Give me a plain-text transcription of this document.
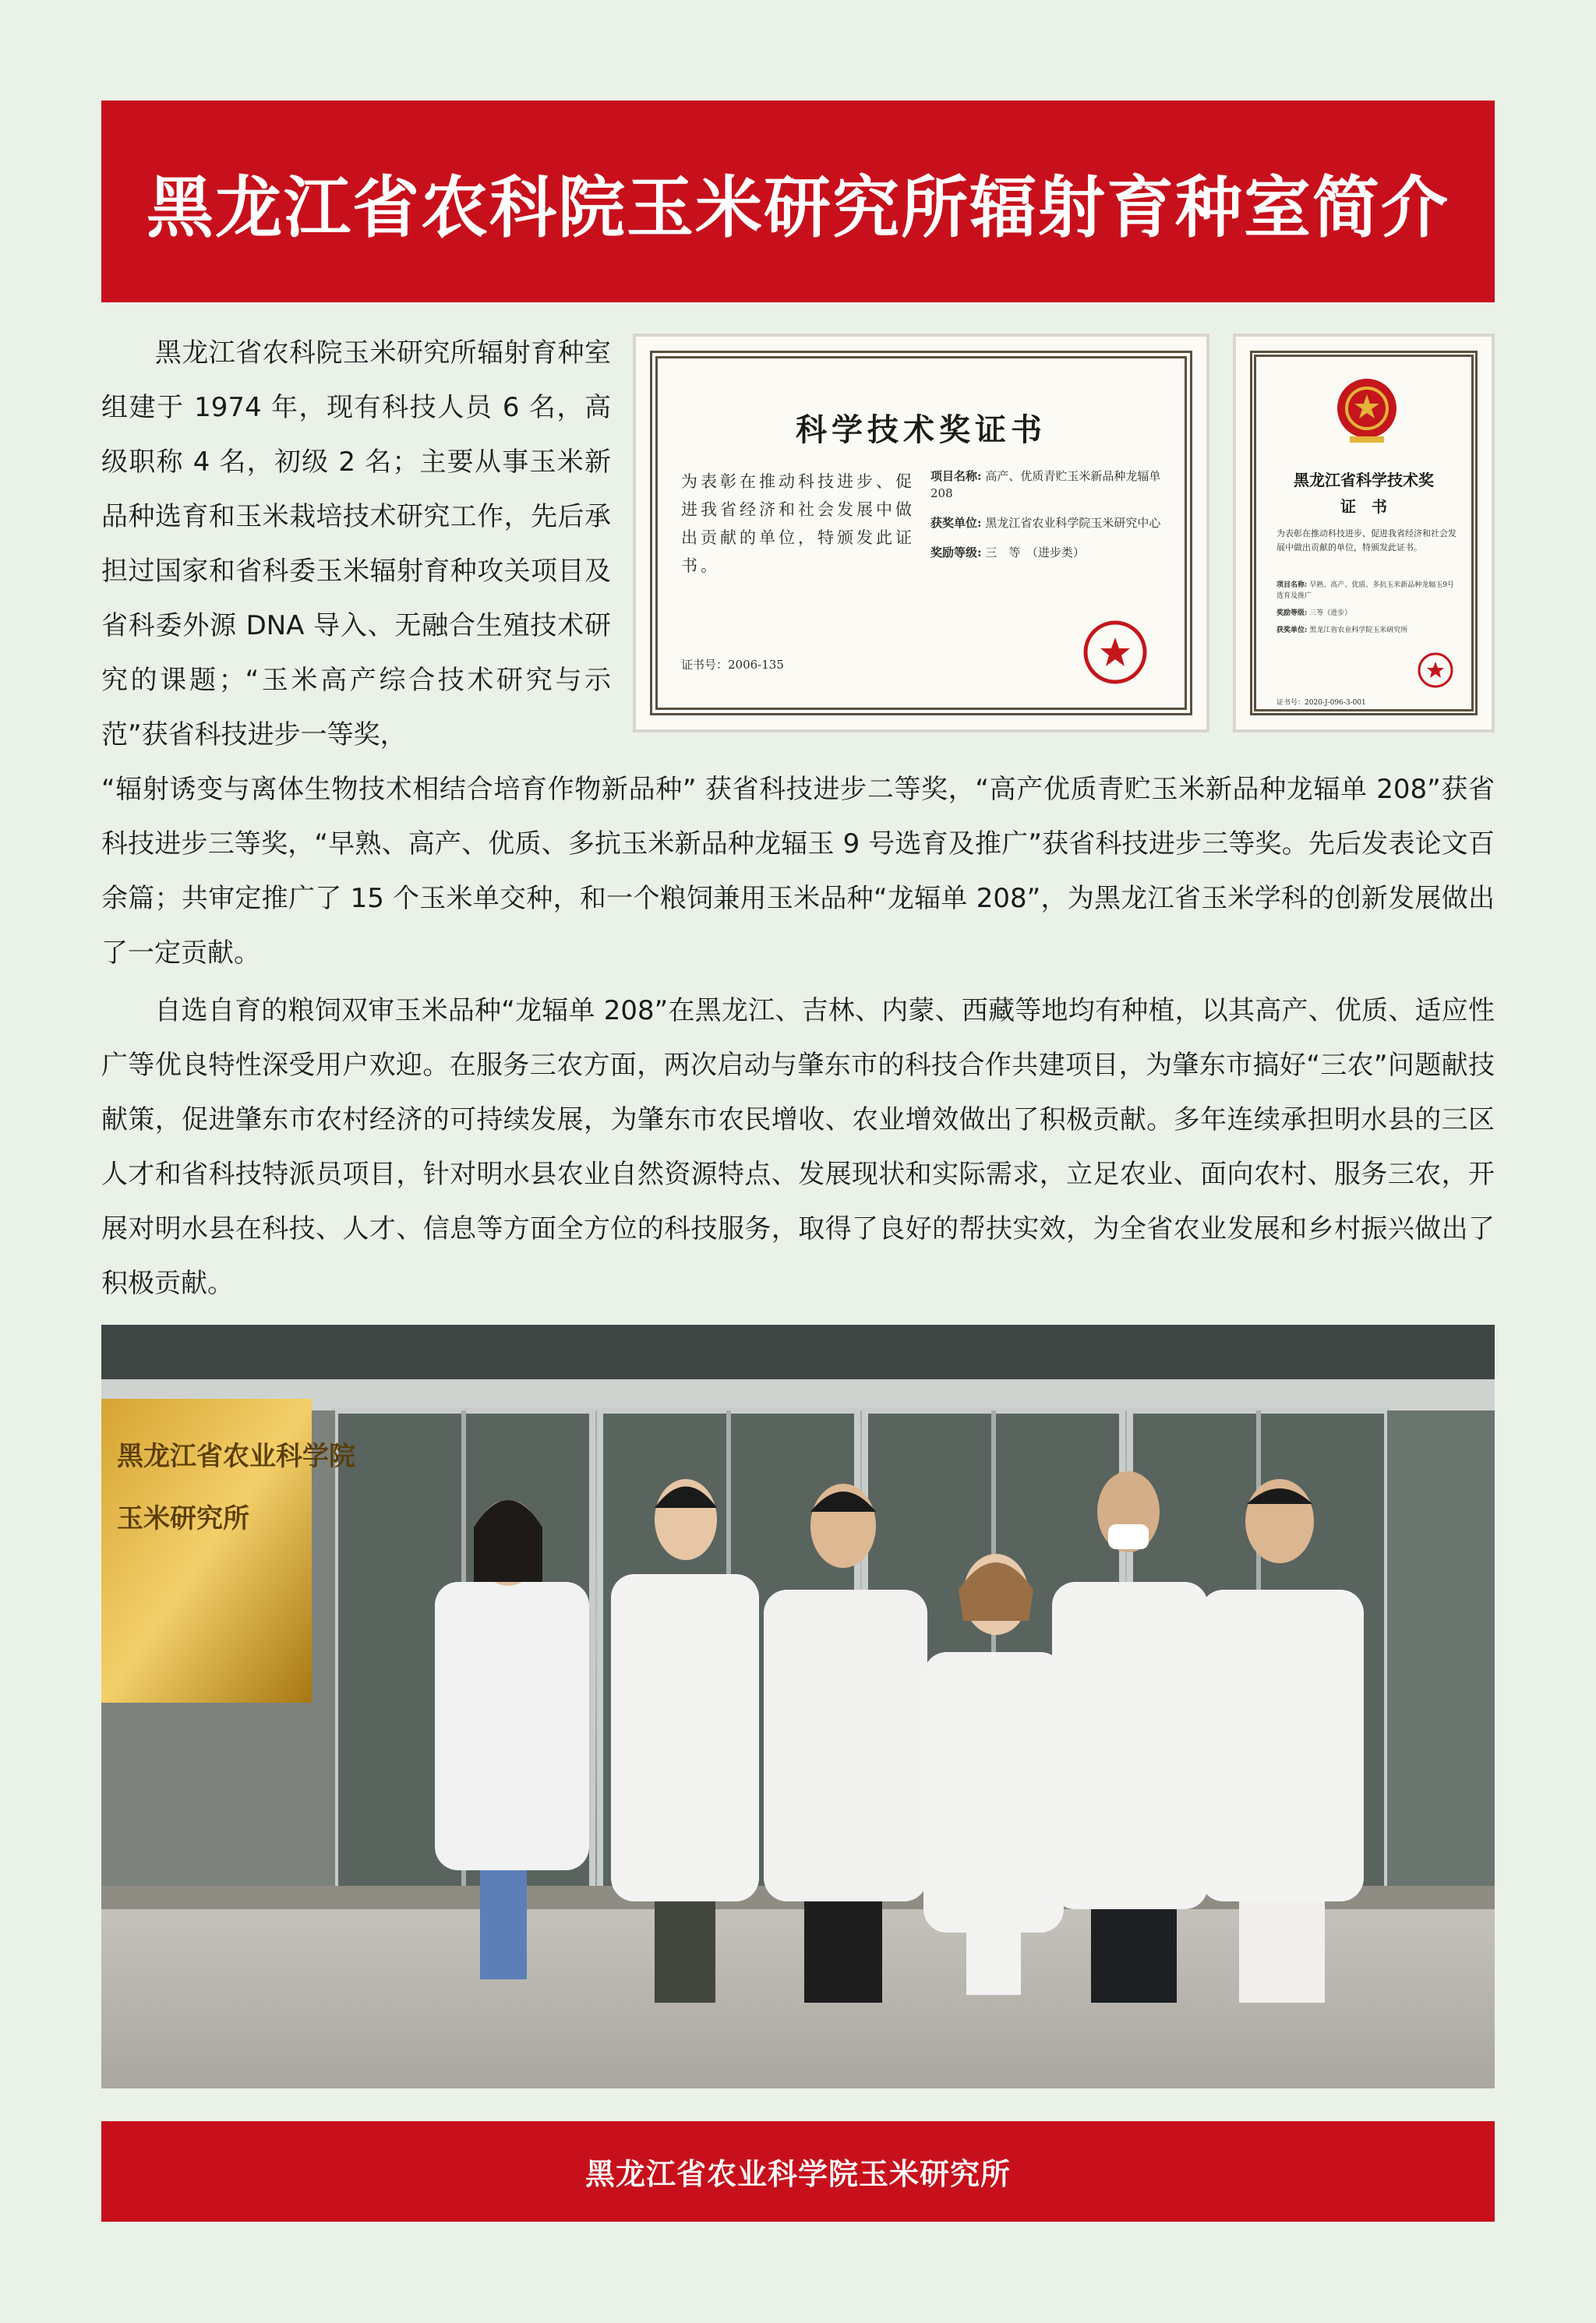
黑龙江省农科院玉米研究所辐射育种室简介

　　黑龙江省农科院玉米研究所辐射育种室组建于 1974 年，现有科技人员 6 名，高级职称 4 名，初级 2 名；主要从事玉米新品种选育和玉米栽培技术研究工作，先后承担过国家和省科委玉米辐射育种攻关项目及省科委外源 DNA 导入、无融合生殖技术研究的课题；“玉米高产综合技术研究与示范”获省科技进步一等奖，

科学技术奖证书
为表彰在推动科技进步、促进我省经济和社会发展中做出贡献的单位，特颁发此证书。
项目名称: 高产、优质青贮玉米新品种龙辐单208
获奖单位: 黑龙江省农业科学院玉米研究中心
奖励等级: 三　等　（进步类）
证书号：2006-135
黑龙江省科学技术奖
证　书
为表彰在推动科技进步、促进我省经济和社会发展中做出贡献的单位，特颁发此证书。
项目名称: 早熟、高产、优质、多抗玉米新品种龙辐玉9号选育及推广
奖励等级: 三等（进步）
获奖单位: 黑龙江省农业科学院玉米研究所
证书号：2020-J-096-3-001

“辐射诱变与离体生物技术相结合培育作物新品种” 获省科技进步二等奖，“高产优质青贮玉米新品种龙辐单 208”获省科技进步三等奖，“早熟、高产、优质、多抗玉米新品种龙辐玉 9 号选育及推广”获省科技进步三等奖。先后发表论文百余篇；共审定推广了 15 个玉米单交种，和一个粮饲兼用玉米品种“龙辐单 208”，为黑龙江省玉米学科的创新发展做出了一定贡献。

　　自选自育的粮饲双审玉米品种“龙辐单 208”在黑龙江、吉林、内蒙、西藏等地均有种植，以其高产、优质、适应性广等优良特性深受用户欢迎。在服务三农方面，两次启动与肇东市的科技合作共建项目，为肇东市搞好“三农”问题献技献策，促进肇东市农村经济的可持续发展，为肇东市农民增收、农业增效做出了积极贡献。多年连续承担明水县的三区人才和省科技特派员项目，针对明水县农业自然资源特点、发展现状和实际需求，立足农业、面向农村、服务三农，开展对明水县在科技、人才、信息等方面全方位的科技服务，取得了良好的帮扶实效，为全省农业发展和乡村振兴做出了积极贡献。

黑龙江省农业科学院
玉米研究所
黑龙江省农业科学院玉米研究所
